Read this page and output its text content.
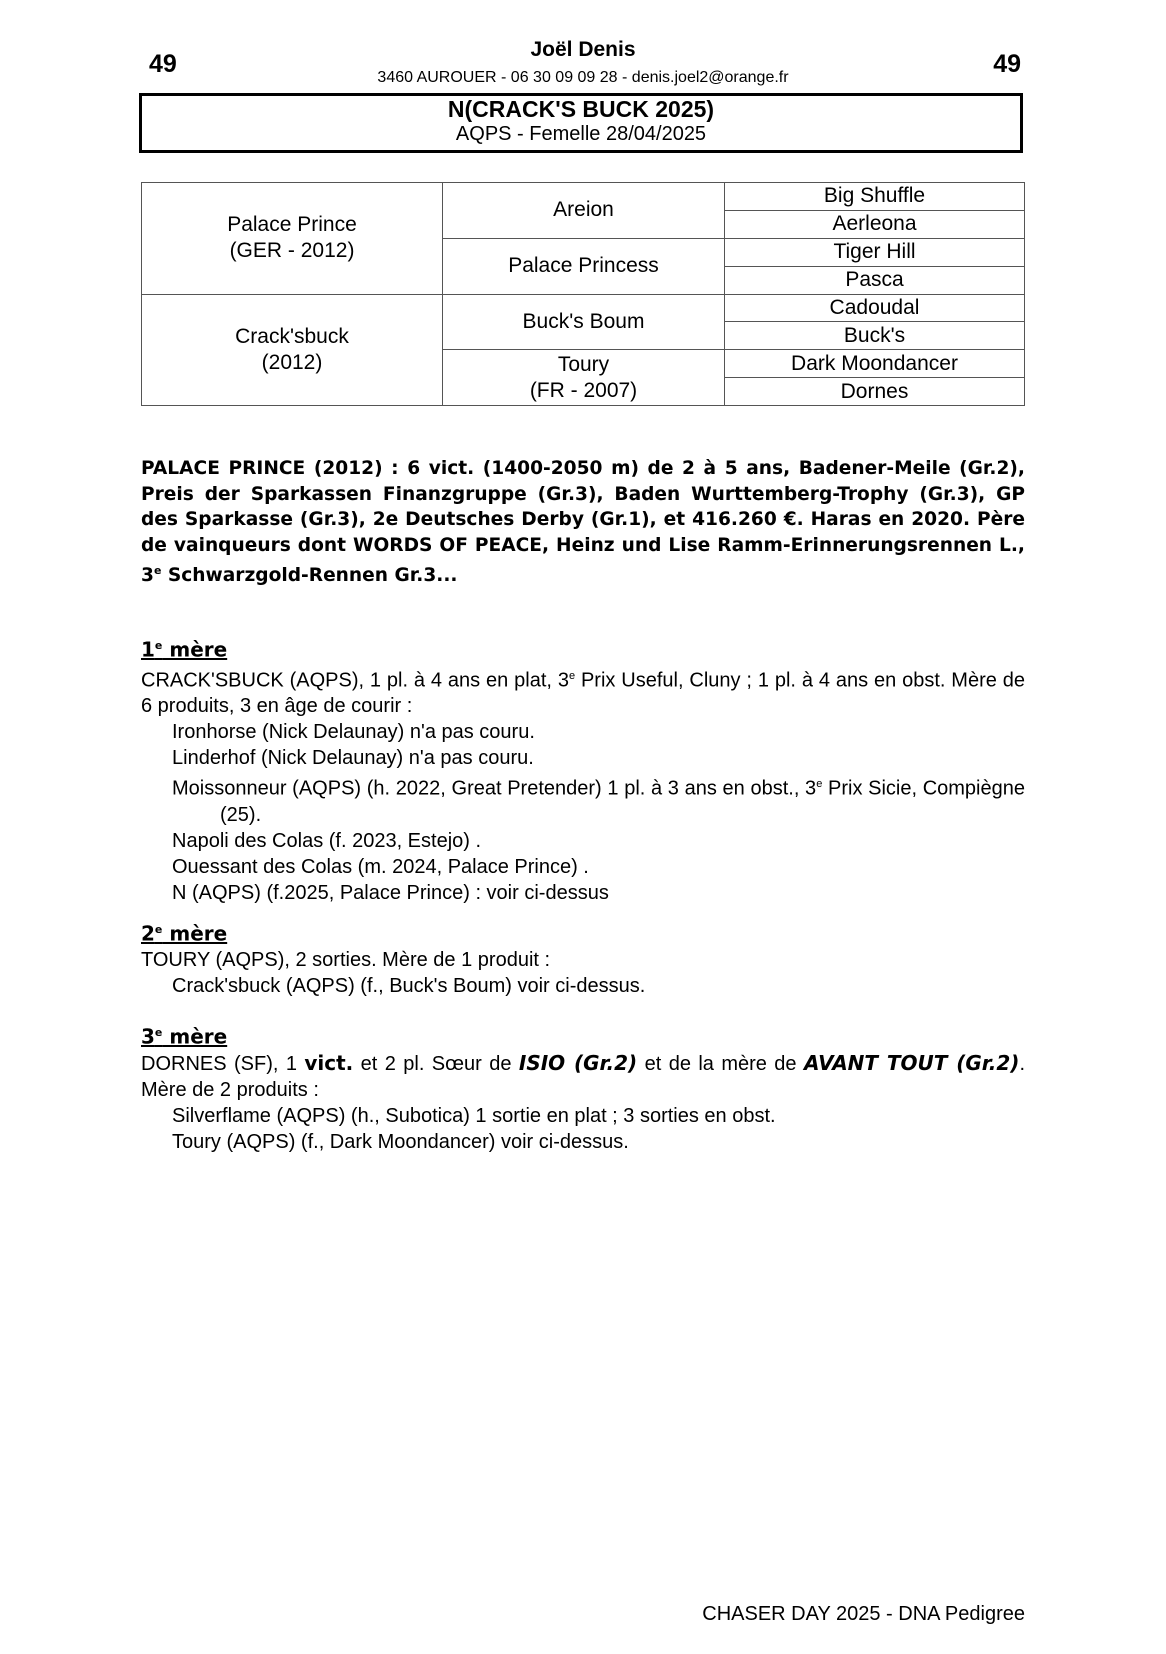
49	49
Joël Denis
3460 AUROUER - 06 30 09 09 28 - denis.joel2@orange.fr
N(CRACK'S BUCK 2025)
AQPS - Femelle 28/04/2025
Palace Prince
(GER - 2012)	Areion	Big Shuffle
		Aerleona
	Palace Princess	Tiger Hill
		Pasca

Crack'sbuck
(2012)	Buck's Boum	Cadoudal
		Buck's

	Toury
(FR - 2007)	Dark Moondancer
		Dornes
PALACE PRINCE (2012) : 6 vict. (1400-2050 m) de 2 à 5 ans, Badener-Meile (Gr.2), Preis der Sparkassen Finanzgruppe (Gr.3), Baden Wurttemberg-Trophy (Gr.3), GP des Sparkasse (Gr.3), 2e Deutsches Derby (Gr.1), et 416.260 €. Haras en 2020. Père de vainqueurs dont WORDS OF PEACE, Heinz und Lise Ramm-Erinnerungsrennen L., 3e Schwarzgold-Rennen Gr.3...
1e mère
CRACK'SBUCK (AQPS), 1 pl. à 4 ans en plat, 3e Prix Useful, Cluny ; 1 pl. à 4 ans en obst. Mère de 6 produits, 3 en âge de courir :
Ironhorse (Nick Delaunay) n'a pas couru.
Linderhof (Nick Delaunay) n'a pas couru.
Moissonneur (AQPS) (h. 2022, Great Pretender) 1 pl. à 3 ans en obst., 3e Prix Sicie, Compiègne (25).
Napoli des Colas (f. 2023, Estejo) .
Ouessant des Colas (m. 2024, Palace Prince) .
N (AQPS) (f.2025, Palace Prince) : voir ci-dessus
2e mère
TOURY (AQPS), 2 sorties. Mère de 1 produit :
Crack'sbuck (AQPS) (f., Buck's Boum) voir ci-dessus.
3e mère
DORNES (SF), 1 vict. et 2 pl. Sœur de ISIO (Gr.2) et de la mère de AVANT TOUT (Gr.2). Mère de 2 produits :
Silverflame (AQPS) (h., Subotica) 1 sortie en plat ; 3 sorties en obst.
Toury (AQPS) (f., Dark Moondancer) voir ci-dessus.
CHASER DAY 2025 - DNA Pedigree
